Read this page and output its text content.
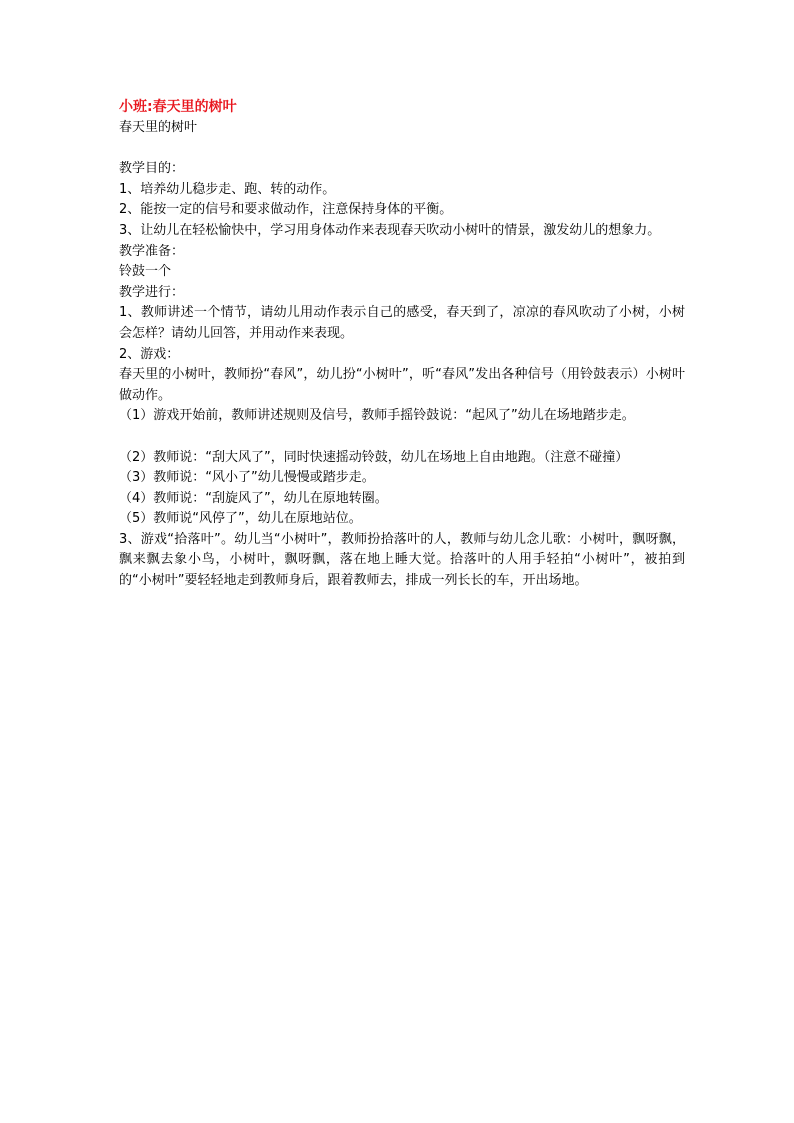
小班:春天里的树叶

春天里的树叶

教学目的：

1、培养幼儿稳步走、跑、转的动作。

2、能按一定的信号和要求做动作，注意保持身体的平衡。

3、让幼儿在轻松愉快中，学习用身体动作来表现春天吹动小树叶的情景，激发幼儿的想象力。

教学准备：

铃鼓一个

教学进行：

1、教师讲述一个情节，请幼儿用动作表示自己的感受，春天到了，凉凉的春风吹动了小树，小树会怎样？请幼儿回答，并用动作来表现。

2、游戏：

春天里的小树叶，教师扮“春风”，幼儿扮“小树叶”，听“春风”发出各种信号（用铃鼓表示）小树叶做动作。

（1）游戏开始前，教师讲述规则及信号，教师手摇铃鼓说：“起风了”幼儿在场地踏步走。

（2）教师说：“刮大风了”，同时快速摇动铃鼓，幼儿在场地上自由地跑。（注意不碰撞）

（3）教师说：“风小了”幼儿慢慢或踏步走。

（4）教师说：“刮旋风了”，幼儿在原地转圈。

（5）教师说“风停了”，幼儿在原地站位。

3、游戏“拾落叶”。幼儿当“小树叶”，教师扮拾落叶的人，教师与幼儿念儿歌：小树叶，飘呀飘，飘来飘去象小鸟，小树叶，飘呀飘，落在地上睡大觉。拾落叶的人用手轻拍“小树叶”，被拍到的“小树叶”要轻轻地走到教师身后，跟着教师去，排成一列长长的车，开出场地。
